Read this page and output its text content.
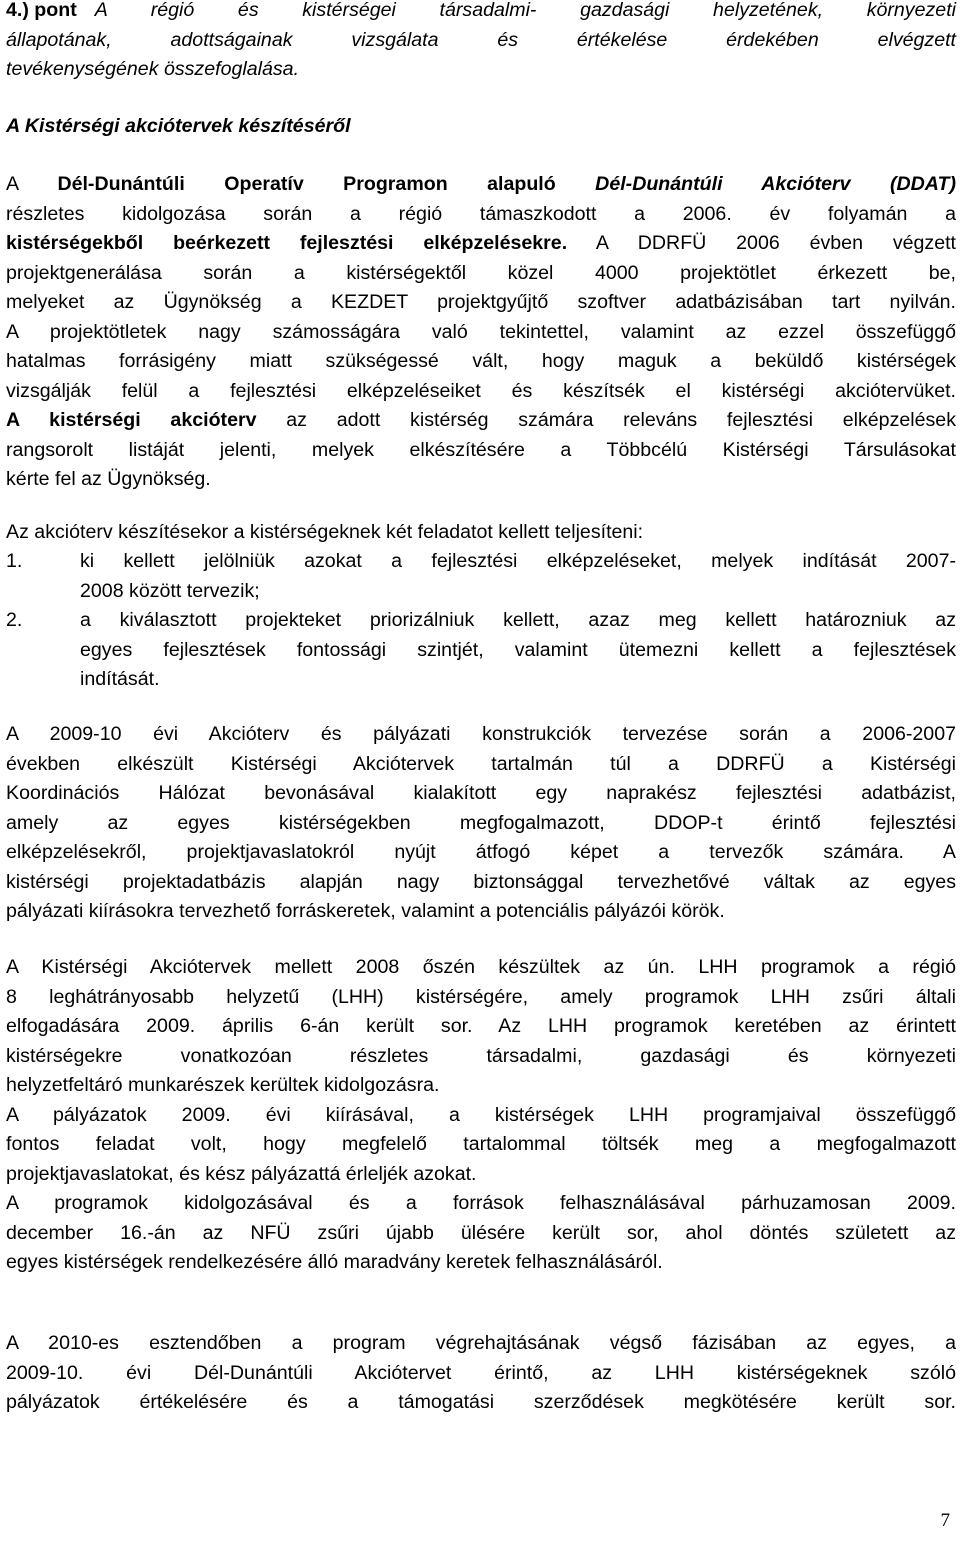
4.) pont A régió és kistérségei társadalmi- gazdasági helyzetének, környezeti
állapotának, adottságainak vizsgálata és értékelése érdekében elvégzett
tevékenységének összefoglalása.
A Kistérségi akciótervek készítéséről
A Dél-Dunántúli Operatív Programon alapuló Dél-Dunántúli Akcióterv (DDAT)
részletes kidolgozása során a régió támaszkodott a 2006. év folyamán a
kistérségekből beérkezett fejlesztési elképzelésekre. A DDRFÜ 2006 évben végzett
projektgenerálása során a kistérségektől közel 4000 projektötlet érkezett be,
melyeket az Ügynökség a KEZDET projektgyűjtő szoftver adatbázisában tart nyilván.
A projektötletek nagy számosságára való tekintettel, valamint az ezzel összefüggő
hatalmas forrásigény miatt szükségessé vált, hogy maguk a beküldő kistérségek
vizsgálják felül a fejlesztési elképzeléseiket és készítsék el kistérségi akciótervüket.
A kistérségi akcióterv az adott kistérség számára releváns fejlesztési elképzelések
rangsorolt listáját jelenti, melyek elkészítésére a Többcélú Kistérségi Társulásokat
kérte fel az Ügynökség.
Az akcióterv készítésekor a kistérségeknek két feladatot kellett teljesíteni:
1.	ki kellett jelölniük azokat a fejlesztési elképzeléseket, melyek indítását 2007-
2008 között tervezik;
2.	a kiválasztott projekteket priorizálniuk kellett, azaz meg kellett határozniuk az
egyes fejlesztések fontossági szintjét, valamint ütemezni kellett a fejlesztések
indítását.
A 2009-10 évi Akcióterv és pályázati konstrukciók tervezése során a 2006-2007
években elkészült Kistérségi Akciótervek tartalmán túl a DDRFÜ a Kistérségi
Koordinációs Hálózat bevonásával kialakított egy naprakész fejlesztési adatbázist,
amely az egyes kistérségekben megfogalmazott, DDOP-t érintő fejlesztési
elképzelésekről, projektjavaslatokról nyújt átfogó képet a tervezők számára. A
kistérségi projektadatbázis alapján nagy biztonsággal tervezhetővé váltak az egyes
pályázati kiírásokra tervezhető forráskeretek, valamint a potenciális pályázói körök.
A Kistérségi Akciótervek mellett 2008 őszén készültek az ún. LHH programok a régió
8 leghátrányosabb helyzetű (LHH) kistérségére, amely programok LHH zsűri általi
elfogadására 2009. április 6-án került sor. Az LHH programok keretében az érintett
kistérségekre vonatkozóan részletes társadalmi, gazdasági és környezeti
helyzetfeltáró munkarészek kerültek kidolgozásra.
A pályázatok 2009. évi kiírásával, a kistérségek LHH programjaival összefüggő
fontos feladat volt, hogy megfelelő tartalommal töltsék meg a megfogalmazott
projektjavaslatokat, és kész pályázattá érleljék azokat.
A programok kidolgozásával és a források felhasználásával párhuzamosan 2009.
december 16.-án az NFÜ zsűri újabb ülésére került sor, ahol döntés született az
egyes kistérségek rendelkezésére álló maradvány keretek felhasználásáról.
A 2010-es esztendőben a program végrehajtásának végső fázisában az egyes, a
2009-10. évi Dél-Dunántúli Akciótervet érintő, az LHH kistérségeknek szóló
pályázatok értékelésére és a támogatási szerződések megkötésére került sor.
7
